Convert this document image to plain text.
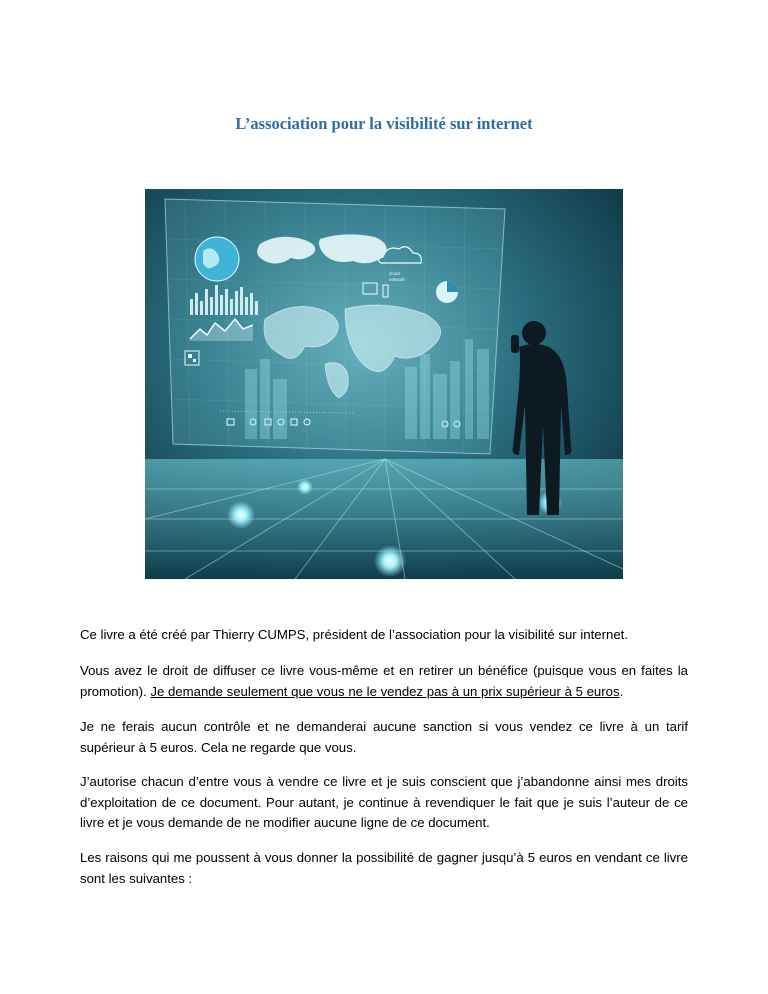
L’association pour la visibilité sur internet
cloud
network

Ce livre a été créé par Thierry CUMPS, président de l’association pour la visibilité sur internet.

Vous avez le droit de diffuser ce livre vous-même et en retirer un bénéfice (puisque vous en faites la promotion). Je demande seulement que vous ne le vendez pas à un prix supérieur à 5 euros.

Je ne ferais aucun contrôle et ne demanderai aucune sanction si vous vendez ce livre à un tarif supérieur à 5 euros. Cela ne regarde que vous.

J’autorise chacun d’entre vous à vendre ce livre et je suis conscient que j’abandonne ainsi mes droits d’exploitation de ce document. Pour autant, je continue à revendiquer le fait que je suis l’auteur de ce livre et je vous demande de ne modifier aucune ligne de ce document.

Les raisons qui me poussent à vous donner la possibilité de gagner jusqu’à 5 euros en vendant ce livre sont les suivantes :
